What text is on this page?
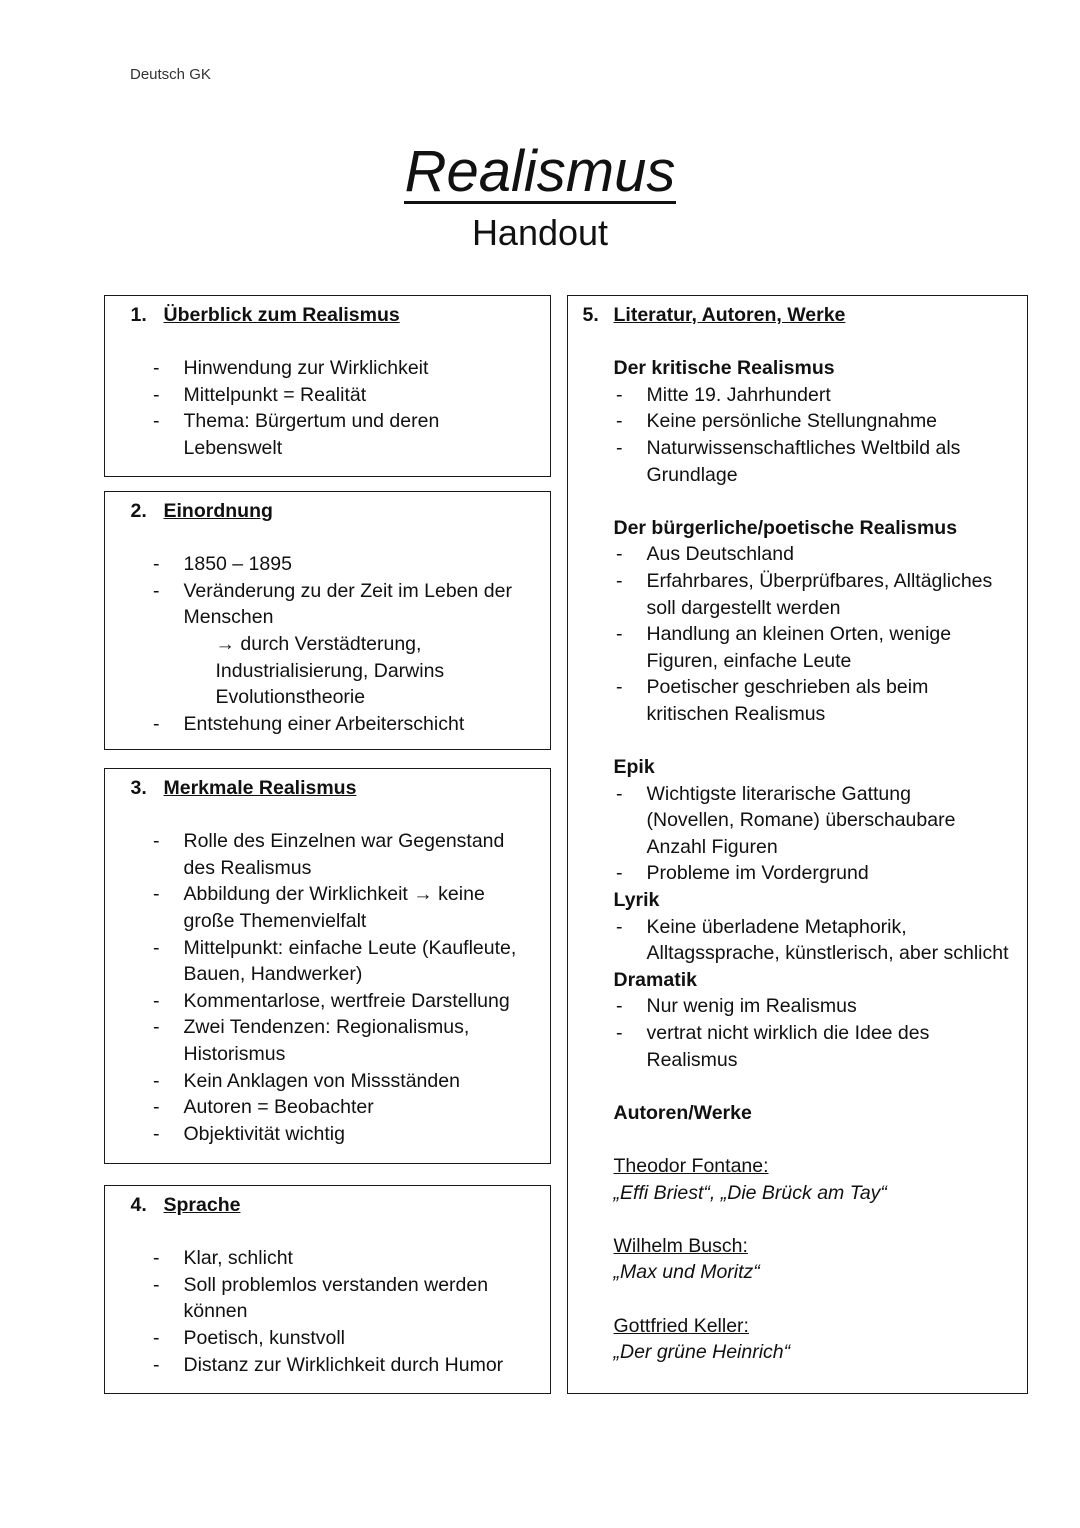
Deutsch GK
Realismus
Handout
1. Überblick zum Realismus
- Hinwendung zur Wirklichkeit
- Mittelpunkt = Realität
- Thema: Bürgertum und deren
Lebenswelt
2. Einordnung
- 1850 – 1895
- Veränderung zu der Zeit im Leben der
Menschen
→ durch Verstädterung,
Industrialisierung, Darwins
Evolutionstheorie
- Entstehung einer Arbeiterschicht
3. Merkmale Realismus
- Rolle des Einzelnen war Gegenstand
des Realismus
- Abbildung der Wirklichkeit → keine
große Themenvielfalt
- Mittelpunkt: einfache Leute (Kaufleute,
Bauen, Handwerker)
- Kommentarlose, wertfreie Darstellung
- Zwei Tendenzen: Regionalismus,
Historismus
- Kein Anklagen von Missständen
- Autoren = Beobachter
- Objektivität wichtig
4. Sprache
- Klar, schlicht
- Soll problemlos verstanden werden
können
- Poetisch, kunstvoll
- Distanz zur Wirklichkeit durch Humor
5. Literatur, Autoren, Werke
Der kritische Realismus
- Mitte 19. Jahrhundert
- Keine persönliche Stellungnahme
- Naturwissenschaftliches Weltbild als
Grundlage
Der bürgerliche/poetische Realismus
- Aus Deutschland
- Erfahrbares, Überprüfbares, Alltägliches
soll dargestellt werden
- Handlung an kleinen Orten, wenige
Figuren, einfache Leute
- Poetischer geschrieben als beim
kritischen Realismus
Epik
- Wichtigste literarische Gattung
(Novellen, Romane) überschaubare
Anzahl Figuren
- Probleme im Vordergrund
Lyrik
- Keine überladene Metaphorik,
Alltagssprache, künstlerisch, aber schlicht
Dramatik
- Nur wenig im Realismus
- vertrat nicht wirklich die Idee des
Realismus
Autoren/Werke
Theodor Fontane:
„Effi Briest“, „Die Brück am Tay“
Wilhelm Busch:
„Max und Moritz“
Gottfried Keller:
„Der grüne Heinrich“
